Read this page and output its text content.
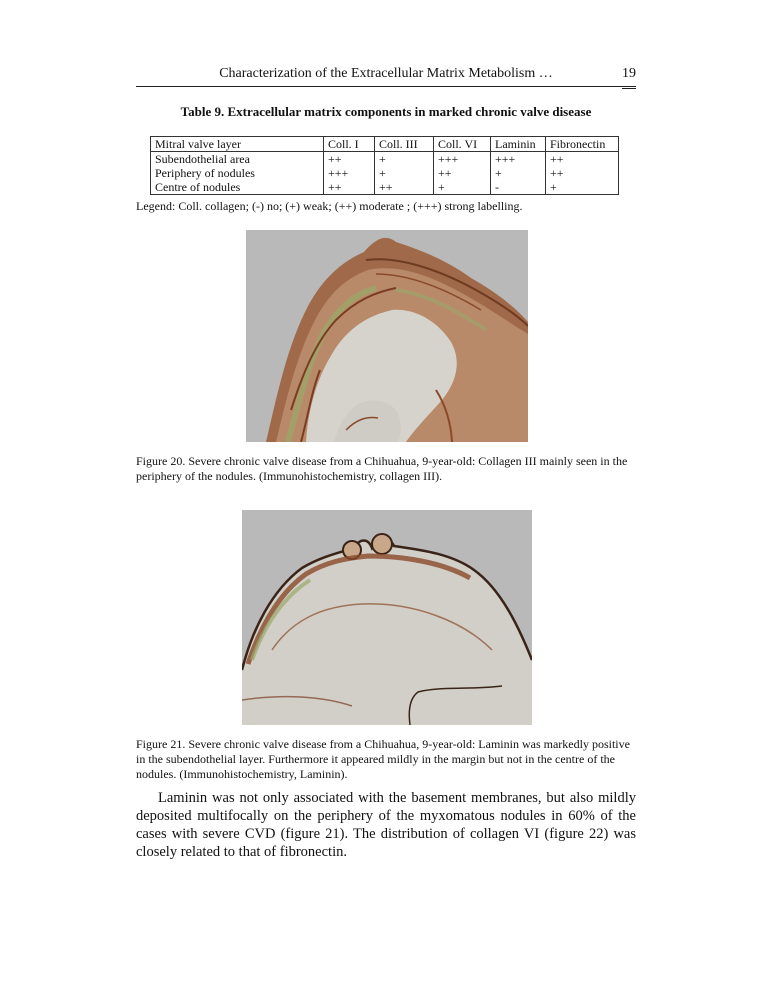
Characterization of the Extracellular Matrix Metabolism …	19
Table 9. Extracellular matrix components in marked chronic valve disease
Mitral valve layer	Coll. I	Coll. III	Coll. VI	Laminin	Fibronectin
Subendothelial area	++	+	+++	+++	++
Periphery of nodules	+++	+	++	+	++
Centre of nodules	++	++	+	-	+
Legend: Coll. collagen; (-) no; (+) weak; (++) moderate ; (+++) strong labelling.
Figure 20. Severe chronic valve disease from a Chihuahua, 9-year-old: Collagen III mainly seen in the
periphery of the nodules. (Immunohistochemistry, collagen III).
Figure 21. Severe chronic valve disease from a Chihuahua, 9-year-old: Laminin was markedly positive
in the subendothelial layer. Furthermore it appeared mildly in the margin but not in the centre of the
nodules. (Immunohistochemistry, Laminin).
Laminin was not only associated with the basement membranes, but also mildly deposited multifocally on the periphery of the myxomatous nodules in 60% of the cases with severe CVD (figure 21). The distribution of collagen VI (figure 22) was closely related to that of fibronectin.
